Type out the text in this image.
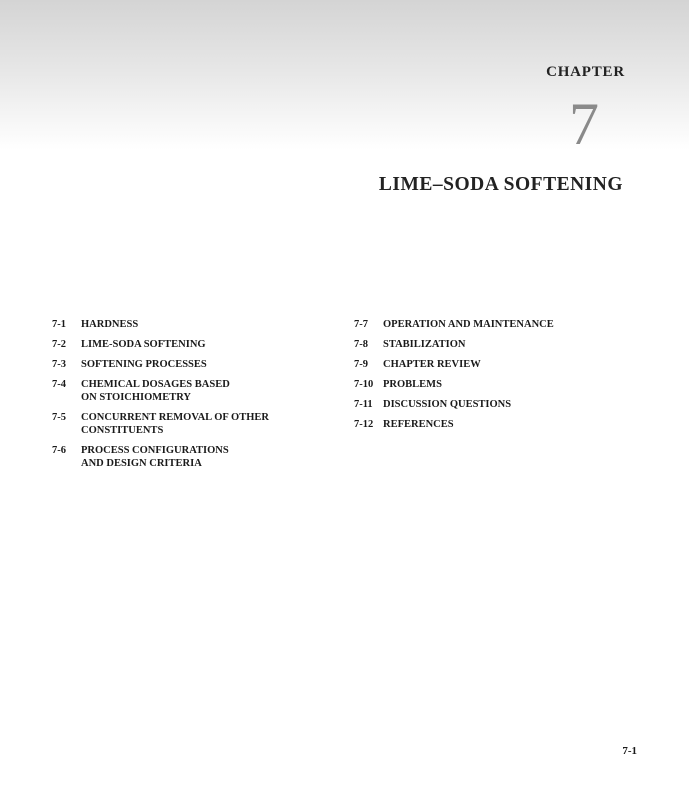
CHAPTER
7
LIME–SODA SOFTENING
7-1	HARDNESS
7-2	LIME-SODA SOFTENING
7-3	SOFTENING PROCESSES
7-4	CHEMICAL DOSAGES BASED
ON STOICHIOMETRY
7-5	CONCURRENT REMOVAL OF OTHER
CONSTITUENTS
7-6	PROCESS CONFIGURATIONS
AND DESIGN CRITERIA
7-7	OPERATION AND MAINTENANCE
7-8	STABILIZATION
7-9	CHAPTER REVIEW
7-10 PROBLEMS
7-11 DISCUSSION QUESTIONS
7-12 REFERENCES
7-1
